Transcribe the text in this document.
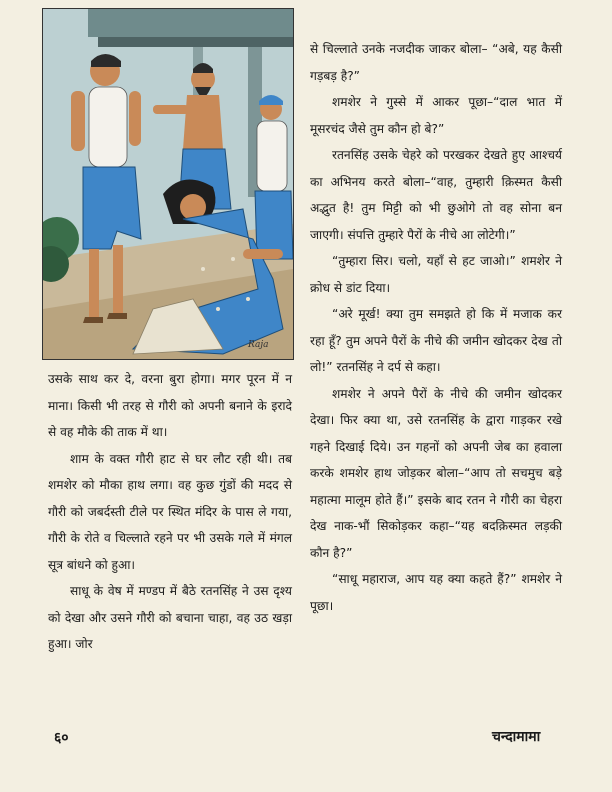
Raja

उसके साथ कर दे, वरना बुरा होगा। मगर पूरन में न माना। किसी भी तरह से गौरी को अपनी बनाने के इरादे से वह मौके की ताक में था।

शाम के वक्त गौरी हाट से घर लौट रही थी। तब शमशेर को मौका हाथ लगा। वह कुछ गुंडों की मदद से गौरी को जबर्दस्ती टीले पर स्थित मंदिर के पास ले गया, गौरी के रोते व चिल्लाते रहने पर भी उसके गले में मंगल सूत्र बांधने को हुआ।

साधू के वेष में मण्डप में बैठे रतनसिंह ने उस दृश्य को देखा और उसने गौरी को बचाना चाहा, वह उठ खड़ा हुआ। जोर

से चिल्लाते उनके नजदीक जाकर बोला– “अबे, यह कैसी गड़बड़ है?”

शमशेर ने गुस्से में आकर पूछा–“दाल भात में मूसरचंद जैसे तुम कौन हो बे?”

रतनसिंह उसके चेहरे को परखकर देखते हुए आश्चर्य का अभिनय करते बोला–“वाह, तुम्हारी क़िस्मत कैसी अद्भुत है! तुम मिट्टी को भी छुओगे तो वह सोना बन जाएगी। संपत्ति तुम्हारे पैरों के नीचे आ लोटेगी।”

“तुम्हारा सिर। चलो, यहाँ से हट जाओ।” शमशेर ने क्रोध से डांट दिया।

“अरे मूर्ख! क्या तुम समझते हो कि में मजाक कर रहा हूँ? तुम अपने पैरों के नीचे की जमीन खोदकर देख तो लो!” रतनसिंह ने दर्प से कहा।

शमशेर ने अपने पैरों के नीचे की जमीन खोदकर देखा। फिर क्या था, उसे रतनसिंह के द्वारा गाड़कर रखे गहने दिखाई दिये। उन गहनों को अपनी जेब का हवाला करके शमशेर हाथ जोड़कर बोला–“आप तो सचमुच बड़े महात्मा मालूम होते हैं।” इसके बाद रतन ने गौरी का चेहरा देख नाक-भौं सिकोड़कर कहा–“यह बदक़िस्मत लड़की कौन है?”

“साधू महाराज, आप यह क्या कहते हैं?” शमशेर ने पूछा।

६०	चन्दामामा
